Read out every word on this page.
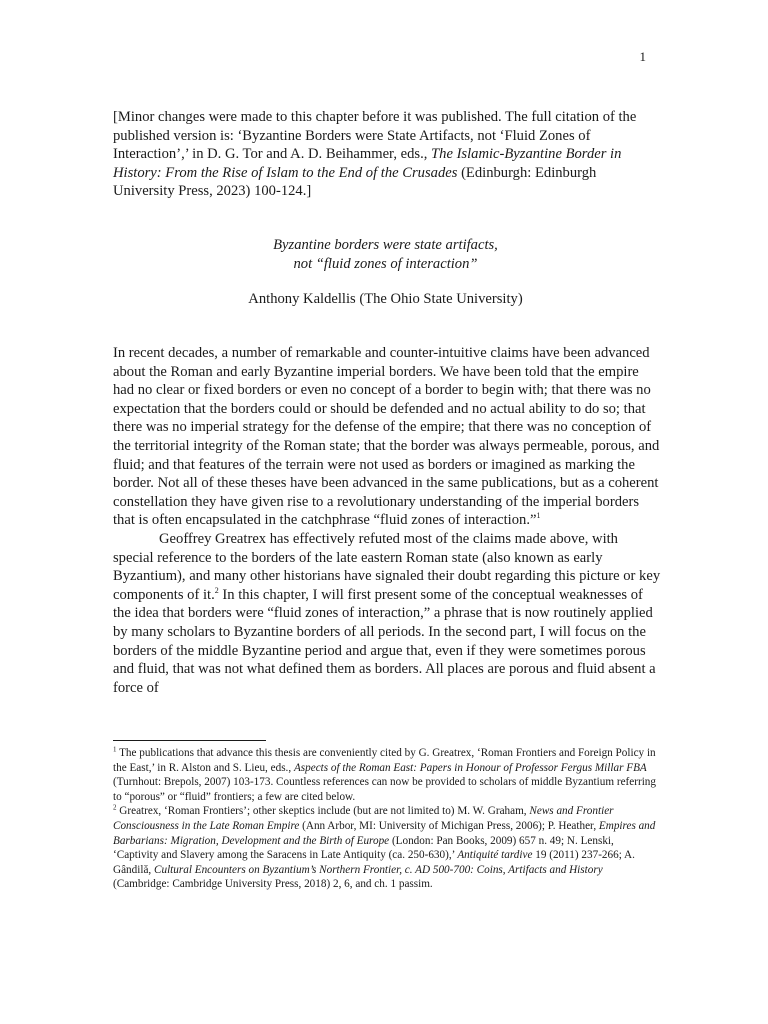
1

[Minor changes were made to this chapter before it was published. The full citation of the published version is: ‘Byzantine Borders were State Artifacts, not ‘Fluid Zones of Interaction’,’ in D. G. Tor and A. D. Beihammer, eds., The Islamic-Byzantine Border in History: From the Rise of Islam to the End of the Crusades (Edinburgh: Edinburgh University Press, 2023) 100-124.]

Byzantine borders were state artifacts,
not “fluid zones of interaction”

Anthony Kaldellis (The Ohio State University)

In recent decades, a number of remarkable and counter-intuitive claims have been advanced about the Roman and early Byzantine imperial borders. We have been told that the empire had no clear or fixed borders or even no concept of a border to begin with; that there was no expectation that the borders could or should be defended and no actual ability to do so; that there was no imperial strategy for the defense of the empire; that there was no conception of the territorial integrity of the Roman state; that the border was always permeable, porous, and fluid; and that features of the terrain were not used as borders or imagined as marking the border. Not all of these theses have been advanced in the same publications, but as a coherent constellation they have given rise to a revolutionary understanding of the imperial borders that is often encapsulated in the catchphrase “fluid zones of interaction.”$^1$

Geoffrey Greatrex has effectively refuted most of the claims made above, with special reference to the borders of the late eastern Roman state (also known as early Byzantium), and many other historians have signaled their doubt regarding this picture or key components of it.$^2$ In this chapter, I will first present some of the conceptual weaknesses of the idea that borders were “fluid zones of interaction,” a phrase that is now routinely applied by many scholars to Byzantine borders of all periods. In the second part, I will focus on the borders of the middle Byzantine period and argue that, even if they were sometimes porous and fluid, that was not what defined them as borders. All places are porous and fluid absent a force of

$^1$ The publications that advance this thesis are conveniently cited by G. Greatrex, ‘Roman Frontiers and Foreign Policy in the East,’ in R. Alston and S. Lieu, eds., Aspects of the Roman East: Papers in Honour of Professor Fergus Millar FBA (Turnhout: Brepols, 2007) 103-173. Countless references can now be provided to scholars of middle Byzantium referring to “porous” or “fluid” frontiers; a few are cited below.

$^2$ Greatrex, ‘Roman Frontiers’; other skeptics include (but are not limited to) M. W. Graham, News and Frontier Consciousness in the Late Roman Empire (Ann Arbor, MI: University of Michigan Press, 2006); P. Heather, Empires and Barbarians: Migration, Development and the Birth of Europe (London: Pan Books, 2009) 657 n. 49; N. Lenski, ‘Captivity and Slavery among the Saracens in Late Antiquity (ca. 250-630),’ Antiquité tardive 19 (2011) 237-266; A. Gândilă, Cultural Encounters on Byzantium’s Northern Frontier, c. AD 500-700: Coins, Artifacts and History (Cambridge: Cambridge University Press, 2018) 2, 6, and ch. 1 passim.
